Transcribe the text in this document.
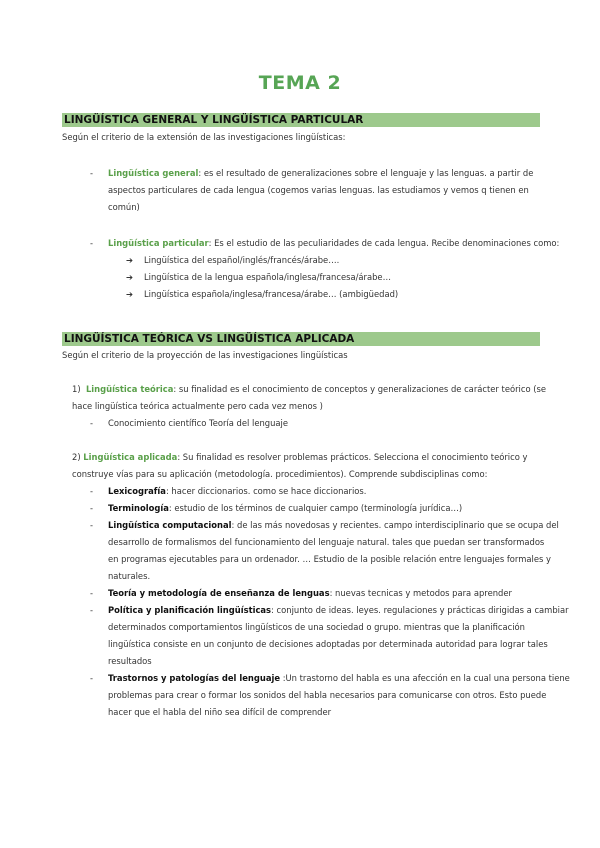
TEMA 2
LINGÜÍSTICA GENERAL Y LINGÜÍSTICA PARTICULAR
Según el criterio de la extensión de las investigaciones lingüísticas:
- Lingüística general: es el resultado de generalizaciones sobre el lenguaje y las lenguas. a partir de
aspectos particulares de cada lengua (cogemos varias lenguas. las estudiamos y vemos q tienen en
común)
- Lingüística particular: Es el estudio de las peculiaridades de cada lengua. Recibe denominaciones como:
➔ Lingüística del español/inglés/francés/árabe….
➔ Lingüística de la lengua española/inglesa/francesa/árabe…
➔ Lingüística española/inglesa/francesa/árabe… (ambigüedad)
LINGÜÍSTICA TEÓRICA VS LINGÜÍSTICA APLICADA
Según el criterio de la proyección de las investigaciones lingüísticas
1) Lingüística teórica: su finalidad es el conocimiento de conceptos y generalizaciones de carácter teórico (se
hace lingüística teórica actualmente pero cada vez menos )
- Conocimiento científico Teoría del lenguaje
2) Lingüística aplicada: Su finalidad es resolver problemas prácticos. Selecciona el conocimiento teórico y
construye vías para su aplicación (metodología. procedimientos). Comprende subdisciplinas como:
- Lexicografía: hacer diccionarios. como se hace diccionarios.
- Terminología: estudio de los términos de cualquier campo (terminología jurídica…)
- Lingüística computacional: de las más novedosas y recientes. campo interdisciplinario que se ocupa del
desarrollo de formalismos del funcionamiento del lenguaje natural. tales que puedan ser transformados
en programas ejecutables para un ordenador. … Estudio de la posible relación entre lenguajes formales y
naturales.
- Teoría y metodología de enseñanza de lenguas: nuevas tecnicas y metodos para aprender
- Política y planificación lingüísticas: conjunto de ideas. leyes. regulaciones y prácticas dirigidas a cambiar
determinados comportamientos lingüísticos de una sociedad o grupo. mientras que la planificación
lingüística consiste en un conjunto de decisiones adoptadas por determinada autoridad para lograr tales
resultados
- Trastornos y patologías del lenguaje :Un trastorno del habla es una afección en la cual una persona tiene
problemas para crear o formar los sonidos del habla necesarios para comunicarse con otros. Esto puede
hacer que el habla del niño sea difícil de comprender
